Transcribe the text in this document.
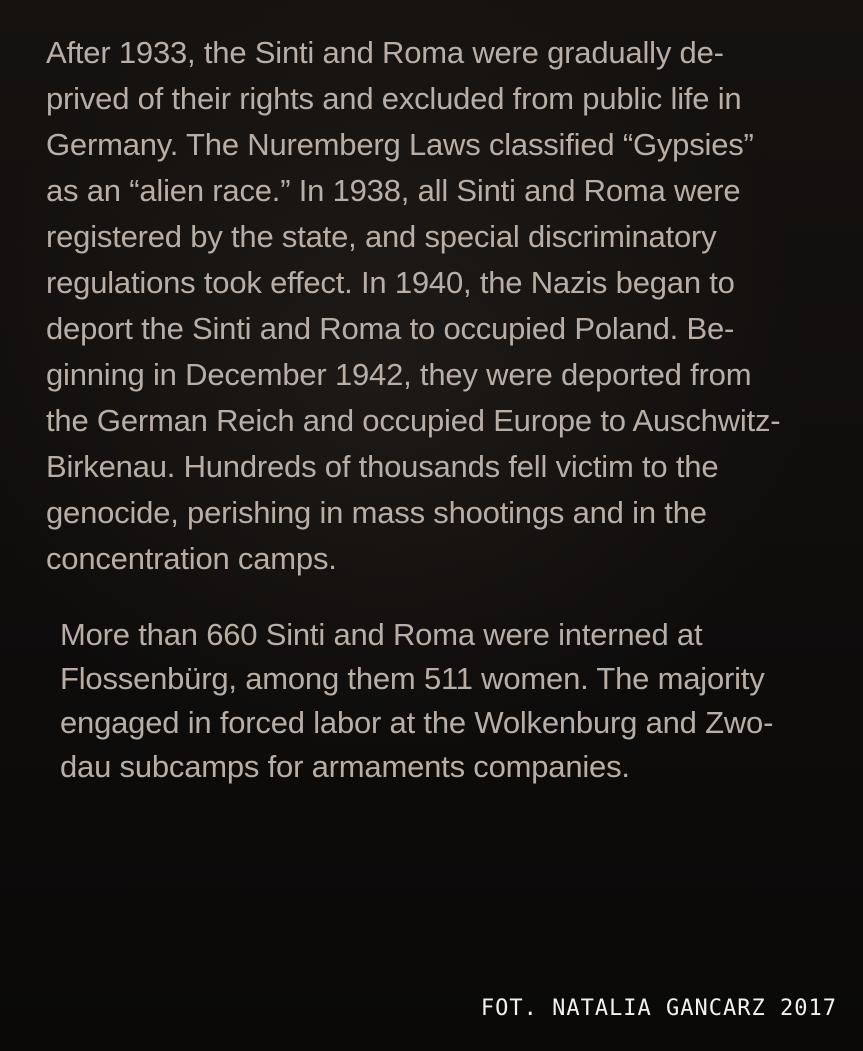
After 1933, the Sinti and Roma were gradually de-
prived of their rights and excluded from public life in
Germany. The Nuremberg Laws classified “Gypsies”
as an “alien race.” In 1938, all Sinti and Roma were
registered by the state, and special discriminatory
regulations took effect. In 1940, the Nazis began to
deport the Sinti and Roma to occupied Poland. Be-
ginning in December 1942, they were deported from
the German Reich and occupied Europe to Auschwitz-
Birkenau. Hundreds of thousands fell victim to the
genocide, perishing in mass shootings and in the
concentration camps.
More than 660 Sinti and Roma were interned at
Flossenbürg, among them 511 women. The majority
engaged in forced labor at the Wolkenburg and Zwo-
dau subcamps for armaments companies.
FOT. NATALIA GANCARZ 2017
